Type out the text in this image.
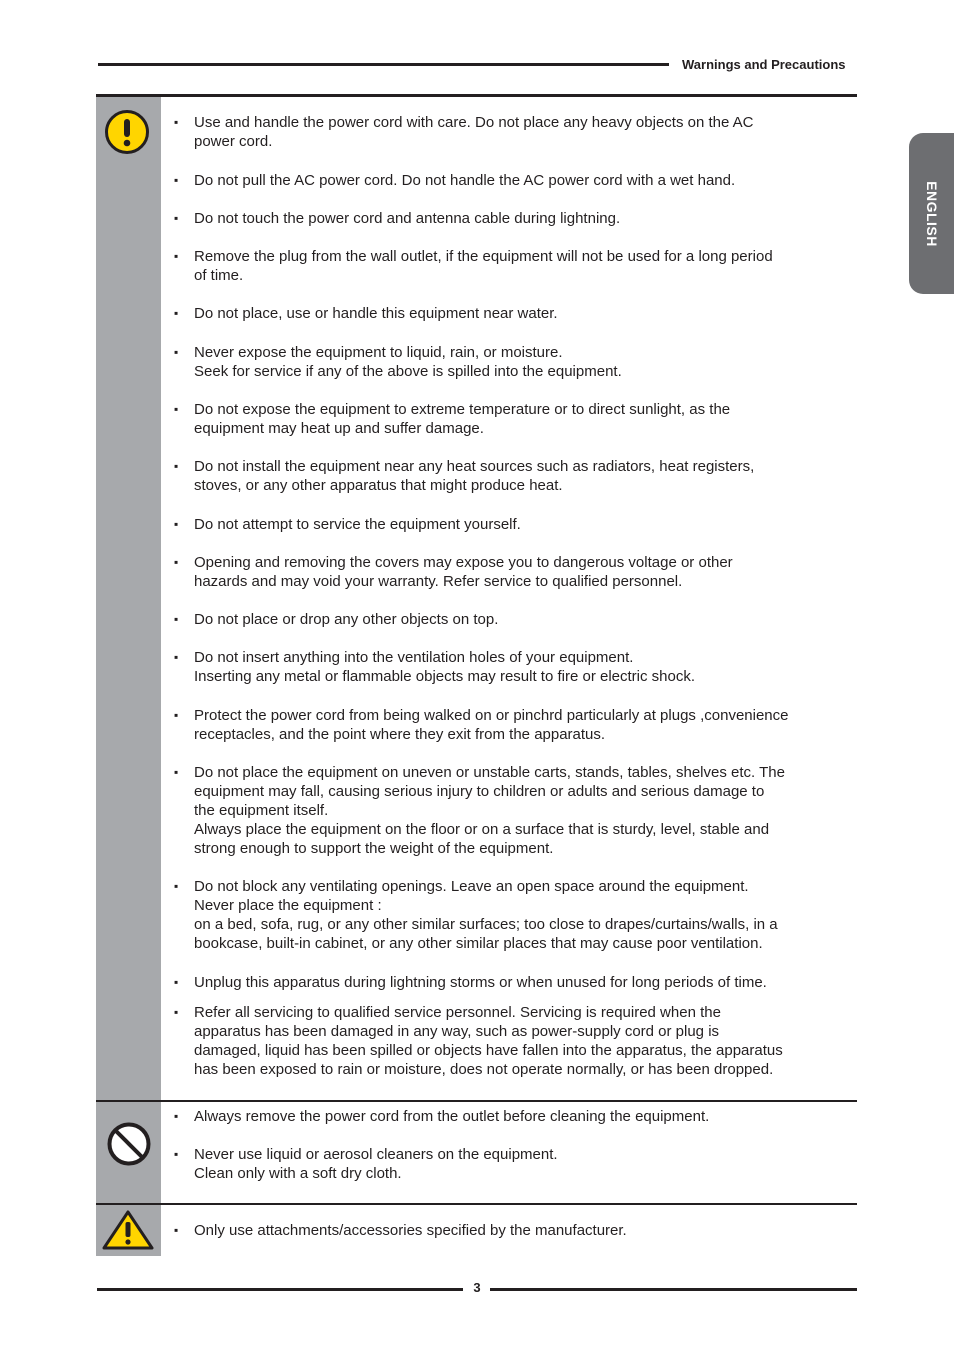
Warnings and Precautions
ENGLISH
▪ Use and handle the power cord with care. Do not place any heavy objects on the AC
power cord.
▪ Do not pull the AC power cord. Do not handle the AC power cord with a wet hand.
▪ Do not touch the power cord and antenna cable during lightning.
▪ Remove the plug from the wall outlet, if the equipment will not be used for a long period
of time.
▪ Do not place, use or handle this equipment near water.
▪ Never expose the equipment to liquid, rain, or moisture.
Seek for service if any of the above is spilled into the equipment.
▪ Do not expose the equipment to extreme temperature or to direct sunlight, as the
equipment may heat up and suffer damage.
▪ Do not install the equipment near any heat sources such as radiators, heat registers,
stoves, or any other apparatus that might produce heat.
▪ Do not attempt to service the equipment yourself.
▪ Opening and removing the covers may expose you to dangerous voltage or other
hazards and may void your warranty. Refer service to qualified personnel.
▪ Do not place or drop any other objects on top.
▪ Do not insert anything into the ventilation holes of your equipment.
Inserting any metal or flammable objects may result to fire or electric shock.
▪ Protect the power cord from being walked on or pinchrd particularly at plugs ,convenience
receptacles, and the point where they exit from the apparatus.
▪ Do not place the equipment on uneven or unstable carts, stands, tables, shelves etc. The
equipment may fall, causing serious injury to children or adults and serious damage to
the equipment itself.
Always place the equipment on the floor or on a surface that is sturdy, level, stable and
strong enough to support the weight of the equipment.
▪ Do not block any ventilating openings. Leave an open space around the equipment.
Never place the equipment :
on a bed, sofa, rug, or any other similar surfaces; too close to drapes/curtains/walls, in a
bookcase, built-in cabinet, or any other similar places that may cause poor ventilation.
▪ Unplug this apparatus during lightning storms or when unused for long periods of time.
▪ Refer all servicing to qualified service personnel. Servicing is required when the
apparatus has been damaged in any way, such as power-supply cord or plug is
damaged, liquid has been spilled or objects have fallen into the apparatus, the apparatus
has been exposed to rain or moisture, does not operate normally, or has been dropped.
▪ Always remove the power cord from the outlet before cleaning the equipment.
▪ Never use liquid or aerosol cleaners on the equipment.
Clean only with a soft dry cloth.
▪ Only use attachments/accessories specified by the manufacturer.
3
